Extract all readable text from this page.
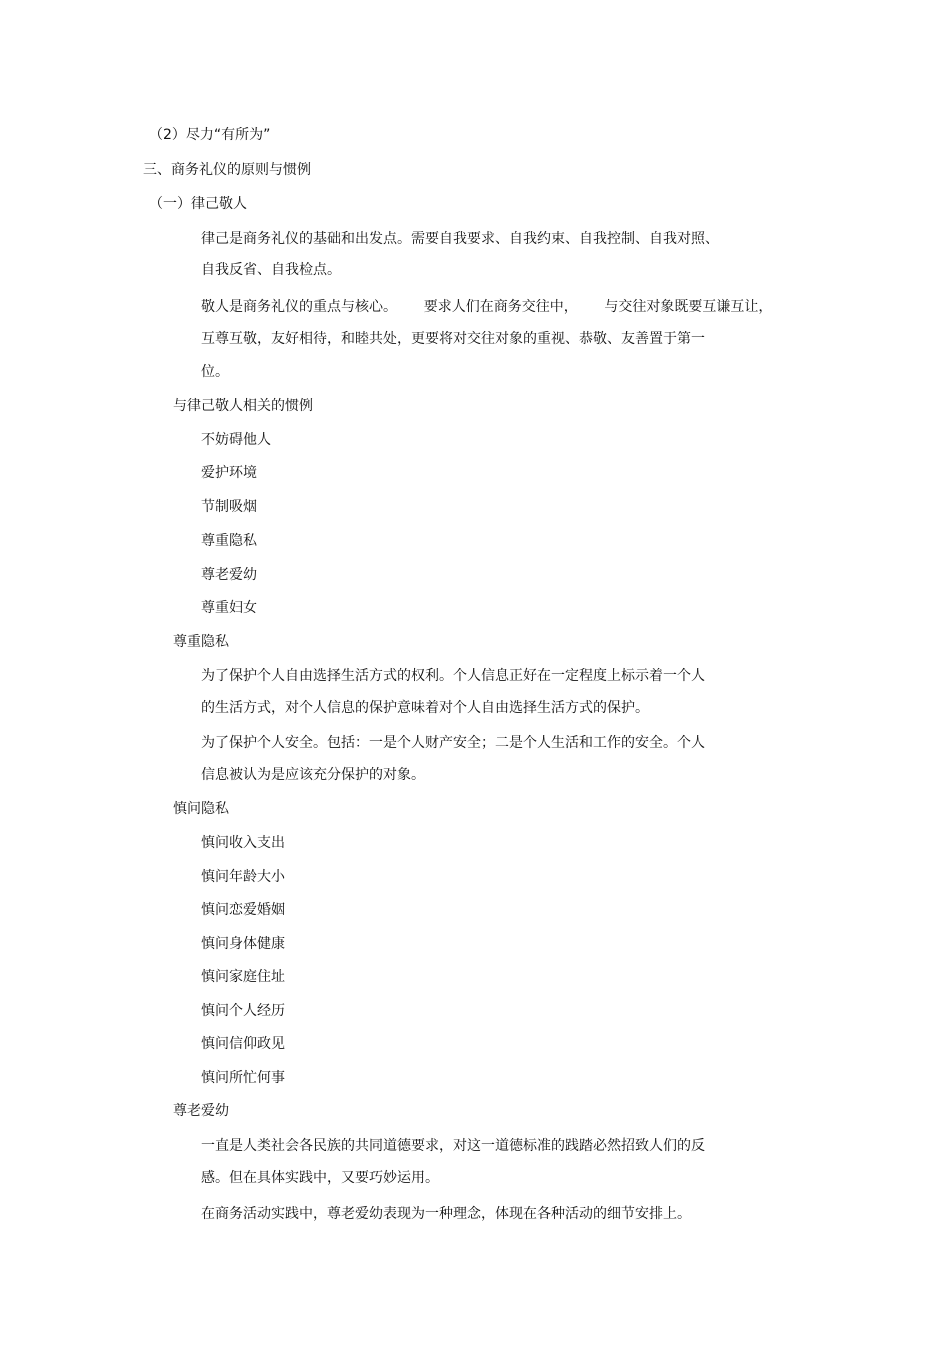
（2）尽力“有所为”
三、商务礼仪的原则与惯例
（一）律己敬人
律己是商务礼仪的基础和出发点。需要自我要求、自我约束、自我控制、自我对照、
自我反省、自我检点。
敬人是商务礼仪的重点与核心。      要求人们在商务交往中，      与交往对象既要互谦互让，
互尊互敬，友好相待，和睦共处，更要将对交往对象的重视、恭敬、友善置于第一
位。
与律己敬人相关的惯例
不妨碍他人
爱护环境
节制吸烟
尊重隐私
尊老爱幼
尊重妇女
尊重隐私
为了保护个人自由选择生活方式的权利。个人信息正好在一定程度上标示着一个人
的生活方式，对个人信息的保护意味着对个人自由选择生活方式的保护。
为了保护个人安全。包括：一是个人财产安全；二是个人生活和工作的安全。个人
信息被认为是应该充分保护的对象。
慎问隐私
慎问收入支出
慎问年龄大小
慎问恋爱婚姻
慎问身体健康
慎问家庭住址
慎问个人经历
慎问信仰政见
慎问所忙何事
尊老爱幼
一直是人类社会各民族的共同道德要求，对这一道德标准的践踏必然招致人们的反
感。但在具体实践中，又要巧妙运用。
在商务活动实践中，尊老爱幼表现为一种理念，体现在各种活动的细节安排上。
